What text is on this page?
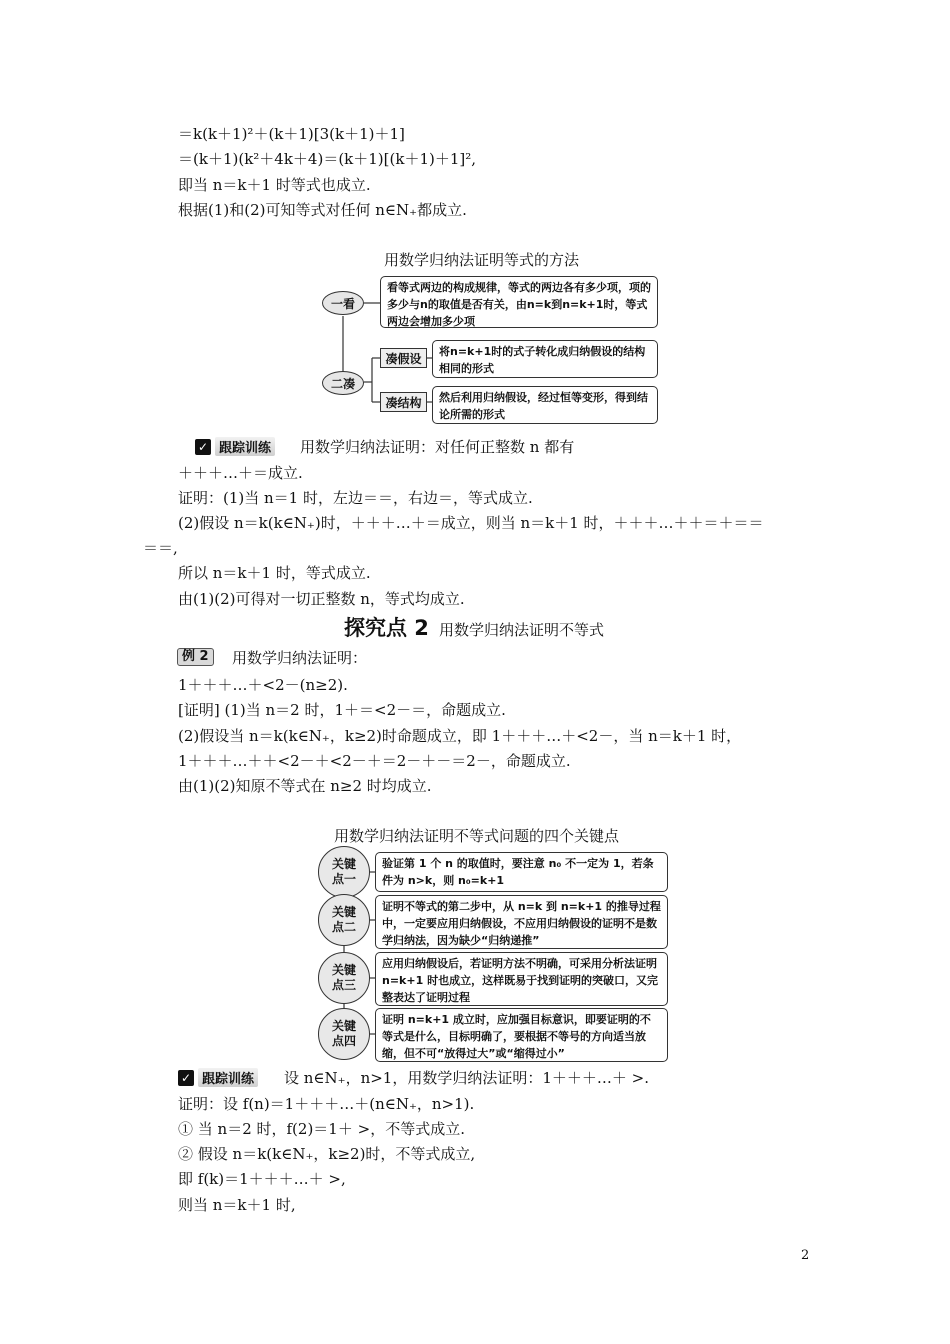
＝k(k＋1)²＋(k＋1)[3(k＋1)＋1]
＝(k＋1)(k²＋4k＋4)＝(k＋1)[(k＋1)＋1]²,
即当 n＝k＋1 时等式也成立.
根据(1)和(2)可知等式对任何 n∈N₊都成立.
用数学归纳法证明等式的方法
一看
看等式两边的构成规律，等式的两边各有多少项，项的多少与n的取值是否有关，由n=k到n=k+1时，等式两边会增加多少项
二凑
凑假设	将n=k+1时的式子转化成归纳假设的结构相同的形式
凑结构	然后利用归纳假设，经过恒等变形，得到结论所需的形式
✓ 跟踪训练 用数学归纳法证明：对任何正整数 n 都有
＋＋＋…＋＝成立.
证明：(1)当 n＝1 时，左边＝＝，右边＝，等式成立.
(2)假设 n＝k(k∈N₊)时，＋＋＋…＋＝成立，则当 n＝k＋1 时，＋＋＋…＋＋＝＋＝＝
＝＝,
所以 n＝k＋1 时，等式成立.
由(1)(2)可得对一切正整数 n，等式均成立.
探究点 2 用数学归纳法证明不等式
例 2	用数学归纳法证明：
1＋＋＋…＋<2－(n≥2).
[证明] (1)当 n＝2 时，1＋＝<2－＝，命题成立.
(2)假设当 n＝k(k∈N₊，k≥2)时命题成立，即 1＋＋＋…＋<2－，当 n＝k＋1 时，
1＋＋＋…＋＋<2－＋<2－＋＝2－＋－＝2－，命题成立.
由(1)(2)知原不等式在 n≥2 时均成立.
用数学归纳法证明不等式问题的四个关键点
关键点一
验证第 1 个 n 的取值时，要注意 n₀ 不一定为 1，若条件为 n>k，则 n₀=k+1
关键点二
证明不等式的第二步中，从 n=k 到 n=k+1 的推导过程中，一定要应用归纳假设，不应用归纳假设的证明不是数学归纳法，因为缺少“归纳递推”
关键点三
应用归纳假设后，若证明方法不明确，可采用分析法证明 n=k+1 时也成立，这样既易于找到证明的突破口，又完整表达了证明过程
关键点四
证明 n=k+1 成立时，应加强目标意识，即要证明的不等式是什么，目标明确了，要根据不等号的方向适当放缩，但不可“放得过大”或“缩得过小”
✓ 跟踪训练 设 n∈N₊，n>1，用数学归纳法证明：1＋＋＋…＋ >.
证明：设 f(n)＝1＋＋＋…＋(n∈N₊，n>1).
① 当 n＝2 时，f(2)＝1＋ >，不等式成立.
② 假设 n＝k(k∈N₊，k≥2)时，不等式成立,
即 f(k)＝1＋＋＋…＋ >,
则当 n＝k＋1 时,
2
